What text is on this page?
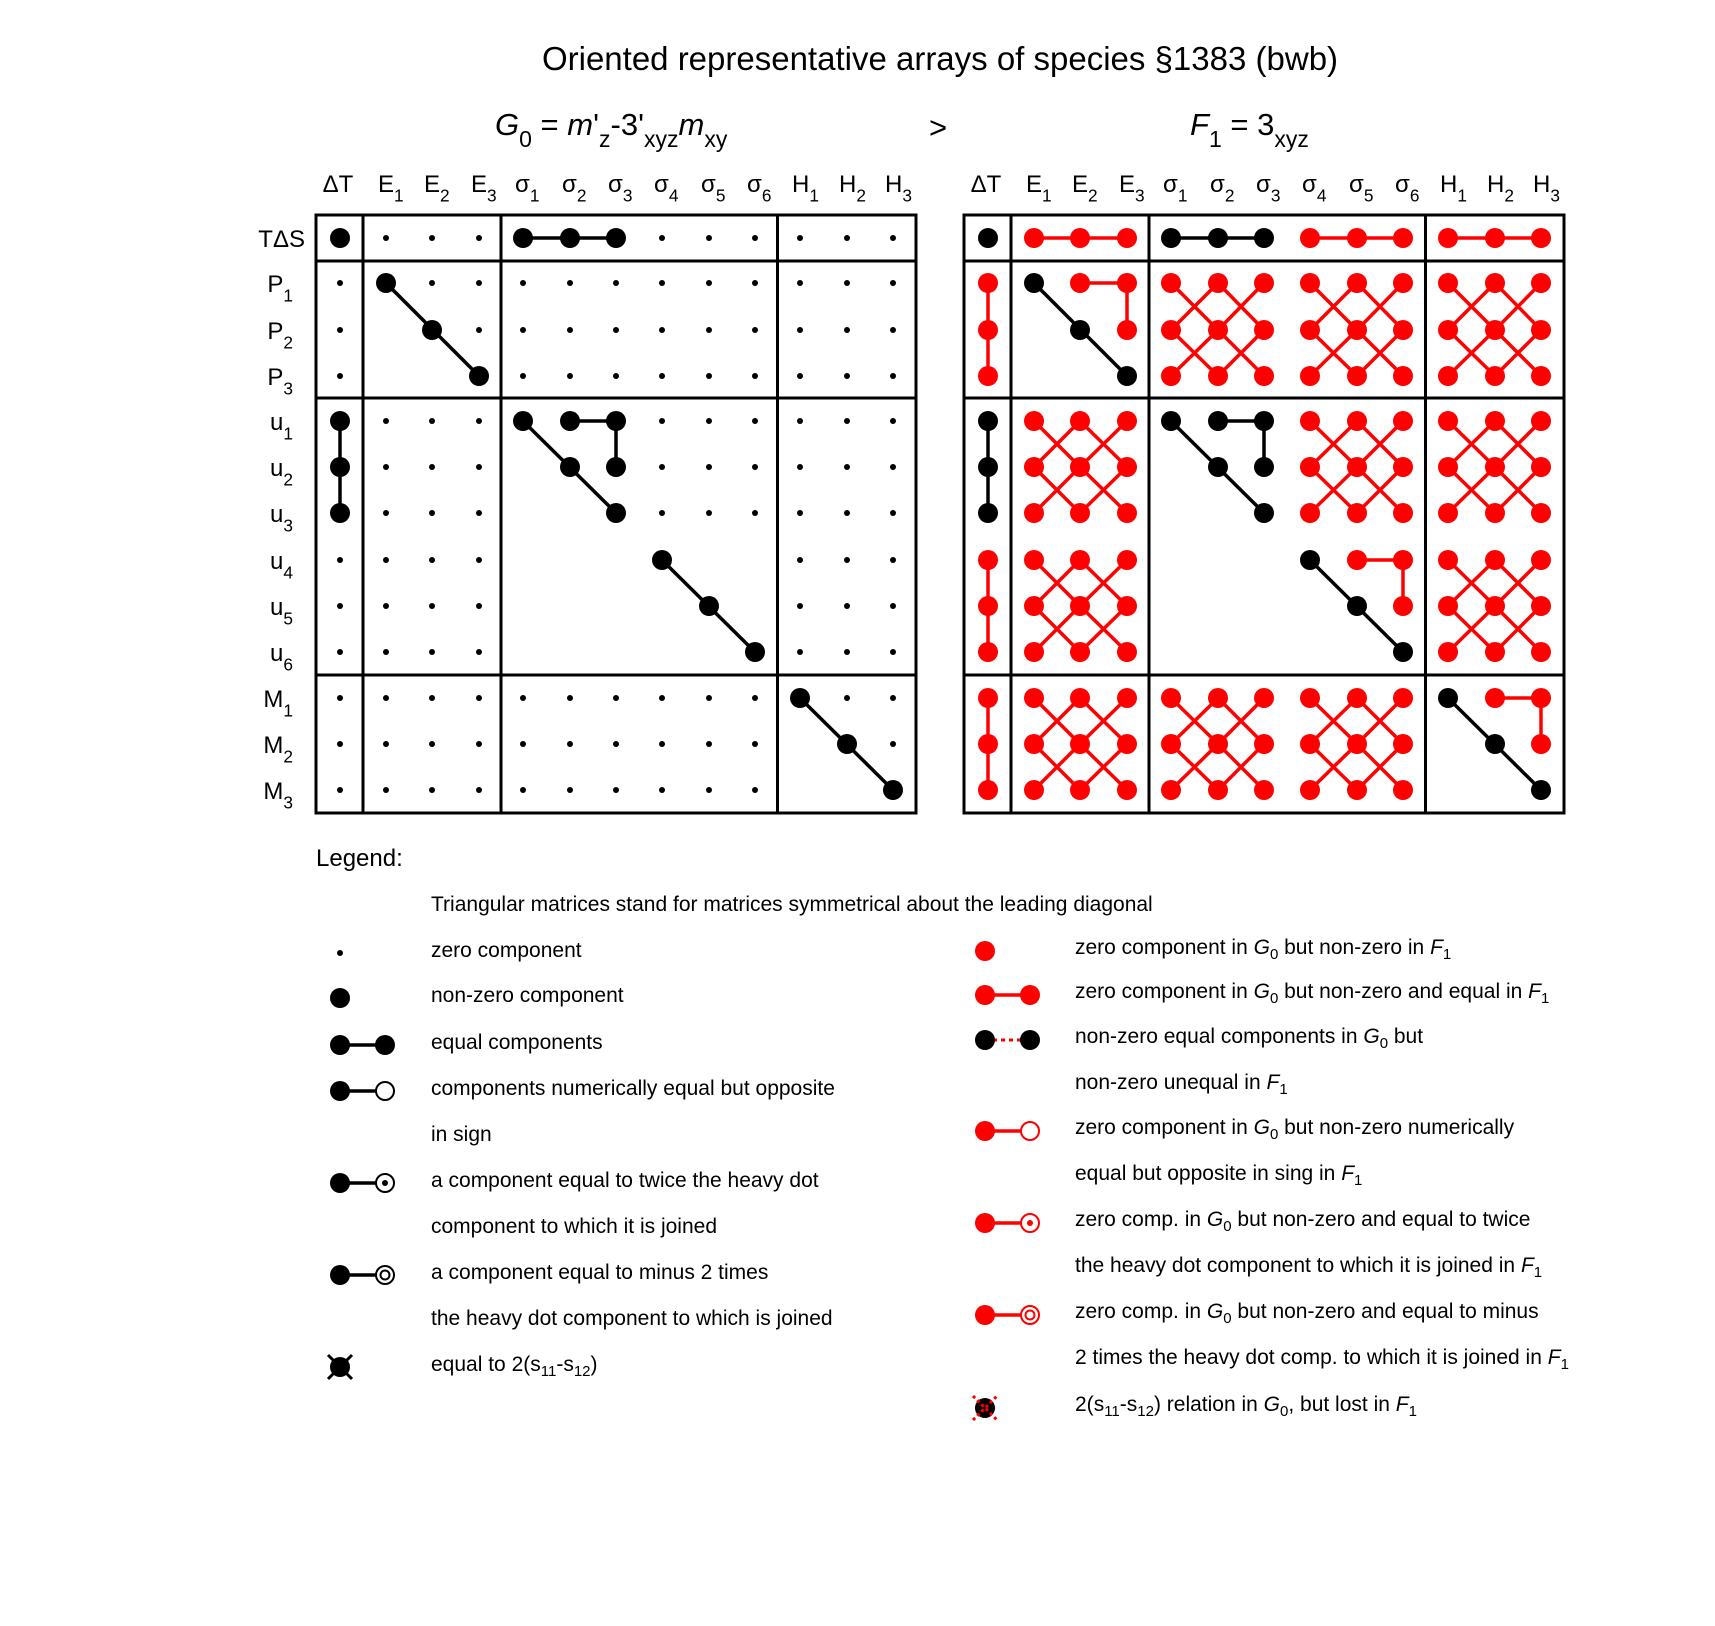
Oriented representative arrays of species §1383 (bwb)
$G_0 = m'_z-3'_{xyz}m_{xy}$	>	$F_1 = 3_{xyz}$
ΔT $E_1$ $E_2$ $E_3$ $\sigma_1$ $\sigma_2$ $\sigma_3$ $\sigma_4$ $\sigma_5$ $\sigma_6$ $H_1$ $H_2$ $H_3$
TΔS
$P_1$
$P_2$
$P_3$
$u_1$
$u_2$
$u_3$
$u_4$
$u_5$
$u_6$
$M_1$
$M_2$
$M_3$
ΔT $E_1$ $E_2$ $E_3$ $\sigma_1$ $\sigma_2$ $\sigma_3$ $\sigma_4$ $\sigma_5$ $\sigma_6$ $H_1$ $H_2$ $H_3$
Legend:
Triangular matrices stand for matrices symmetrical about the leading diagonal
zero component
non-zero component
equal components
components numerically equal but opposite
in sign
a component equal to twice the heavy dot
component to which it is joined
a component equal to minus 2 times
the heavy dot component to which is joined
equal to $2(s_{11}-s_{12})$
zero component in $G_0$ but non-zero in $F_1$
zero component in $G_0$ but non-zero and equal in $F_1$
non-zero equal components in $G_0$ but
non-zero unequal in $F_1$
zero component in $G_0$ but non-zero numerically
equal but opposite in sing in $F_1$
zero comp. in $G_0$ but non-zero and equal to twice
the heavy dot component to which it is joined in $F_1$
zero comp. in $G_0$ but non-zero and equal to minus
2 times the heavy dot comp. to which it is joined in $F_1$
$2(s_{11}-s_{12})$ relation in $G_0$, but lost in $F_1$
